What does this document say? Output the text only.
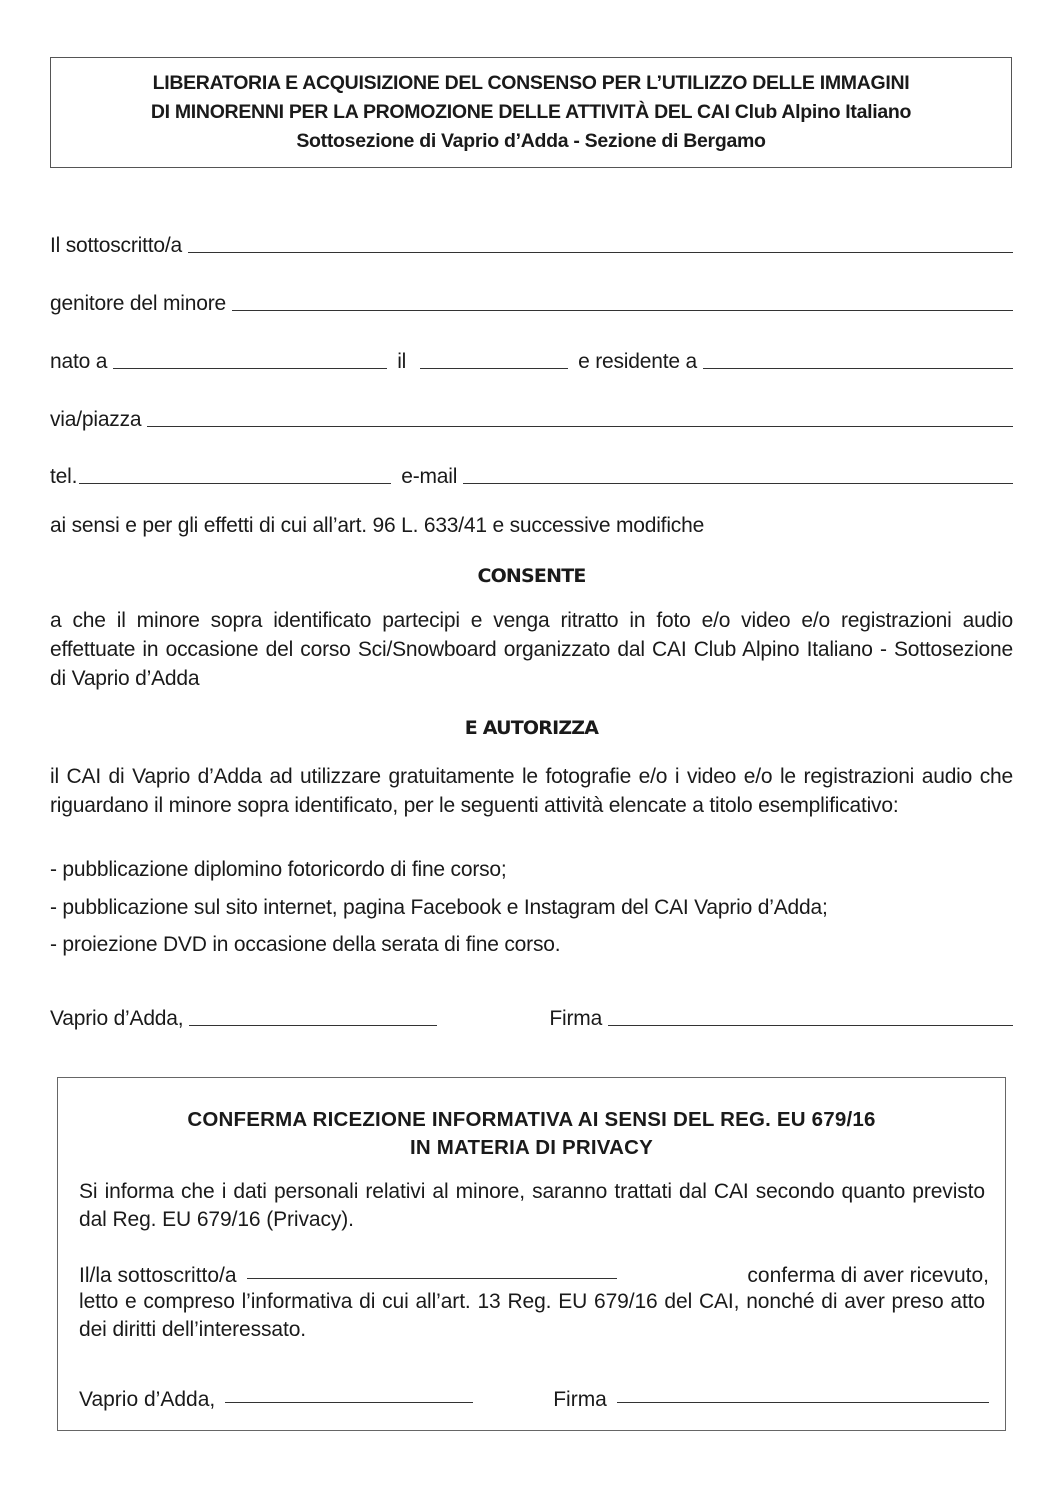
LIBERATORIA E ACQUISIZIONE DEL CONSENSO PER L’UTILIZZO DELLE IMMAGINI
DI MINORENNI PER LA PROMOZIONE DELLE ATTIVITÀ DEL CAI Club Alpino Italiano
Sottosezione di Vaprio d’Adda - Sezione di Bergamo
Il sottoscritto/a
genitore del minore
nato a	il	e residente a
via/piazza
tel.	e-mail
ai sensi e per gli effetti di cui all’art. 96 L. 633/41 e successive modifiche
CONSENTE
a che il minore sopra identificato partecipi e venga ritratto in foto e/o video e/o registrazioni audio effettuate in occasione del corso Sci/Snowboard organizzato dal CAI Club Alpino Italiano - Sottosezione di Vaprio d’Adda
E AUTORIZZA
il CAI di Vaprio d’Adda ad utilizzare gratuitamente le fotografie e/o i video e/o le registrazioni audio che riguardano il minore sopra identificato, per le seguenti attività elencate a titolo esemplificativo:
- pubblicazione diplomino fotoricordo di fine corso;
- pubblicazione sul sito internet, pagina Facebook e Instagram del CAI Vaprio d’Adda;
- proiezione DVD in occasione della serata di fine corso.
Vaprio d’Adda,	Firma
CONFERMA RICEZIONE INFORMATIVA AI SENSI DEL REG. EU 679/16
IN MATERIA DI PRIVACY
Si informa che i dati personali relativi al minore, saranno trattati dal CAI secondo quanto previsto dal Reg. EU 679/16 (Privacy).
Il/la sottoscritto/a	conferma di aver ricevuto,
letto e compreso l’informativa di cui all’art. 13 Reg. EU 679/16 del CAI, nonché di aver preso atto dei diritti dell’interessato.
Vaprio d’Adda,	Firma
